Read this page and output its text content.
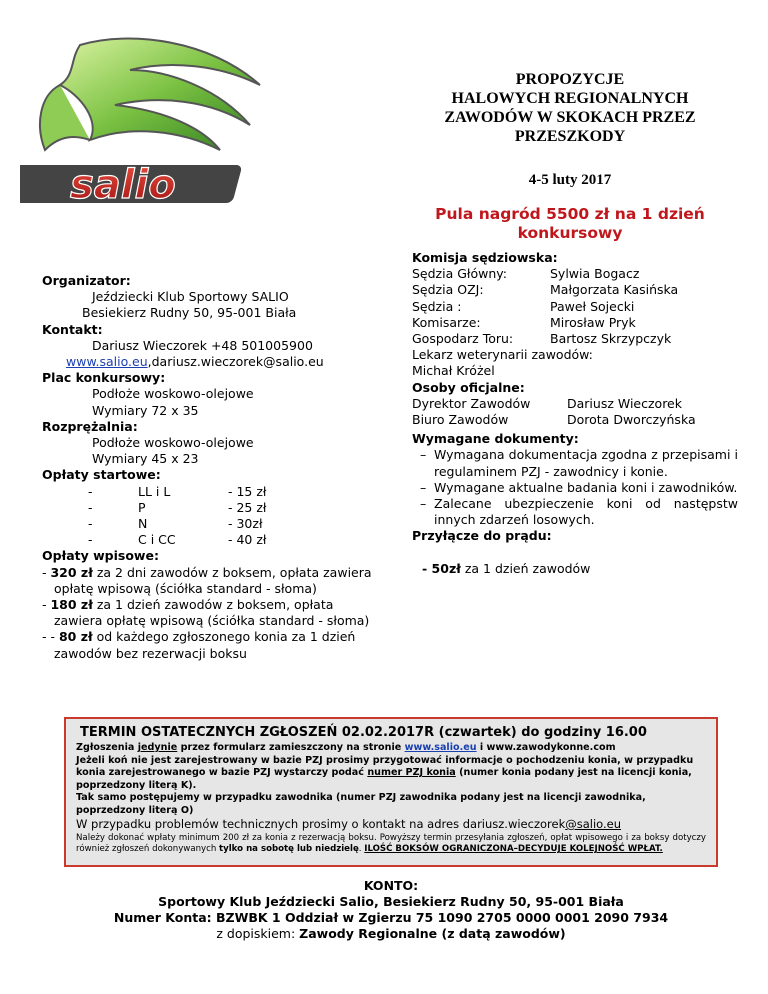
salio
PROPOZYCJE
HALOWYCH REGIONALNYCH
ZAWODÓW W SKOKACH PRZEZ
PRZESZKODY
4-5 luty 2017
Pula nagród 5500 zł na 1 dzień
konkursowy
Organizator:
Jeździecki Klub Sportowy SALIO
Besiekierz Rudny 50, 95-001 Biała
Kontakt:
Dariusz Wieczorek +48 501005900
www.salio.eu,dariusz.wieczorek@salio.eu
Plac konkursowy:
Podłoże woskowo-olejowe
Wymiary 72 x 35
Rozprężalnia:
Podłoże woskowo-olejowe
Wymiary 45 x 23
Opłaty startowe:
-	LL i L	- 15 zł
-	P	- 25 zł
-	N	- 30zł
-	C i CC	- 40 zł
Opłaty wpisowe:
- 320 zł za 2 dni zawodów z boksem, opłata zawiera opłatę wpisową (ściółka standard - słoma)
- 180 zł za 1 dzień zawodów z boksem, opłata zawiera opłatę wpisową (ściółka standard - słoma)
- - 80 zł od każdego zgłoszonego konia za 1 dzień zawodów bez rezerwacji boksu
Komisja sędziowska:
Sędzia Główny:	Sylwia Bogacz
Sędzia OZJ:	Małgorzata Kasińska
Sędzia :	Paweł Sojecki
Komisarze:	Mirosław Pryk
Gospodarz Toru:	Bartosz Skrzypczyk
Lekarz weterynarii zawodów:
Michał Króżel
Osoby oficjalne:
Dyrektor Zawodów	Dariusz Wieczorek
Biuro Zawodów	Dorota Dworczyńska
Wymagane dokumenty:
– Wymagana dokumentacja zgodna z przepisami i regulaminem PZJ - zawodnicy i konie.
– Wymagane aktualne badania koni i zawodników.
– Zalecane ubezpieczenie koni od następstw innych zdarzeń losowych.
Przyłącze do prądu:
- 50zł za 1 dzień zawodów
TERMIN OSTATECZNYCH ZGŁOSZEŃ 02.02.2017R (czwartek) do godziny 16.00
Zgłoszenia jedynie przez formularz zamieszczony na stronie www.salio.eu i www.zawodykonne.com
Jeżeli koń nie jest zarejestrowany w bazie PZJ prosimy przygotować informacje o pochodzeniu konia, w przypadku konia zarejestrowanego w bazie PZJ wystarczy podać numer PZJ konia (numer konia podany jest na licencji konia, poprzedzony literą K).
Tak samo postępujemy w przypadku zawodnika (numer PZJ zawodnika podany jest na licencji zawodnika, poprzedzony literą O)
W przypadku problemów technicznych prosimy o kontakt na adres dariusz.wieczorek@salio.eu
Należy dokonać wpłaty minimum 200 zł za konia z rezerwacją boksu. Powyższy termin przesyłania zgłoszeń, opłat wpisowego i za boksy dotyczy również zgłoszeń dokonywanych tylko na sobotę lub niedzielę. ILOŚĆ BOKSÓW OGRANICZONA–DECYDUJE KOLEJNOŚĆ WPŁAT.
KONTO:
Sportowy Klub Jeździecki Salio, Besiekierz Rudny 50, 95-001 Biała
Numer Konta: BZWBK 1 Oddział w Zgierzu 75 1090 2705 0000 0001 2090 7934
z dopiskiem: Zawody Regionalne (z datą zawodów)
